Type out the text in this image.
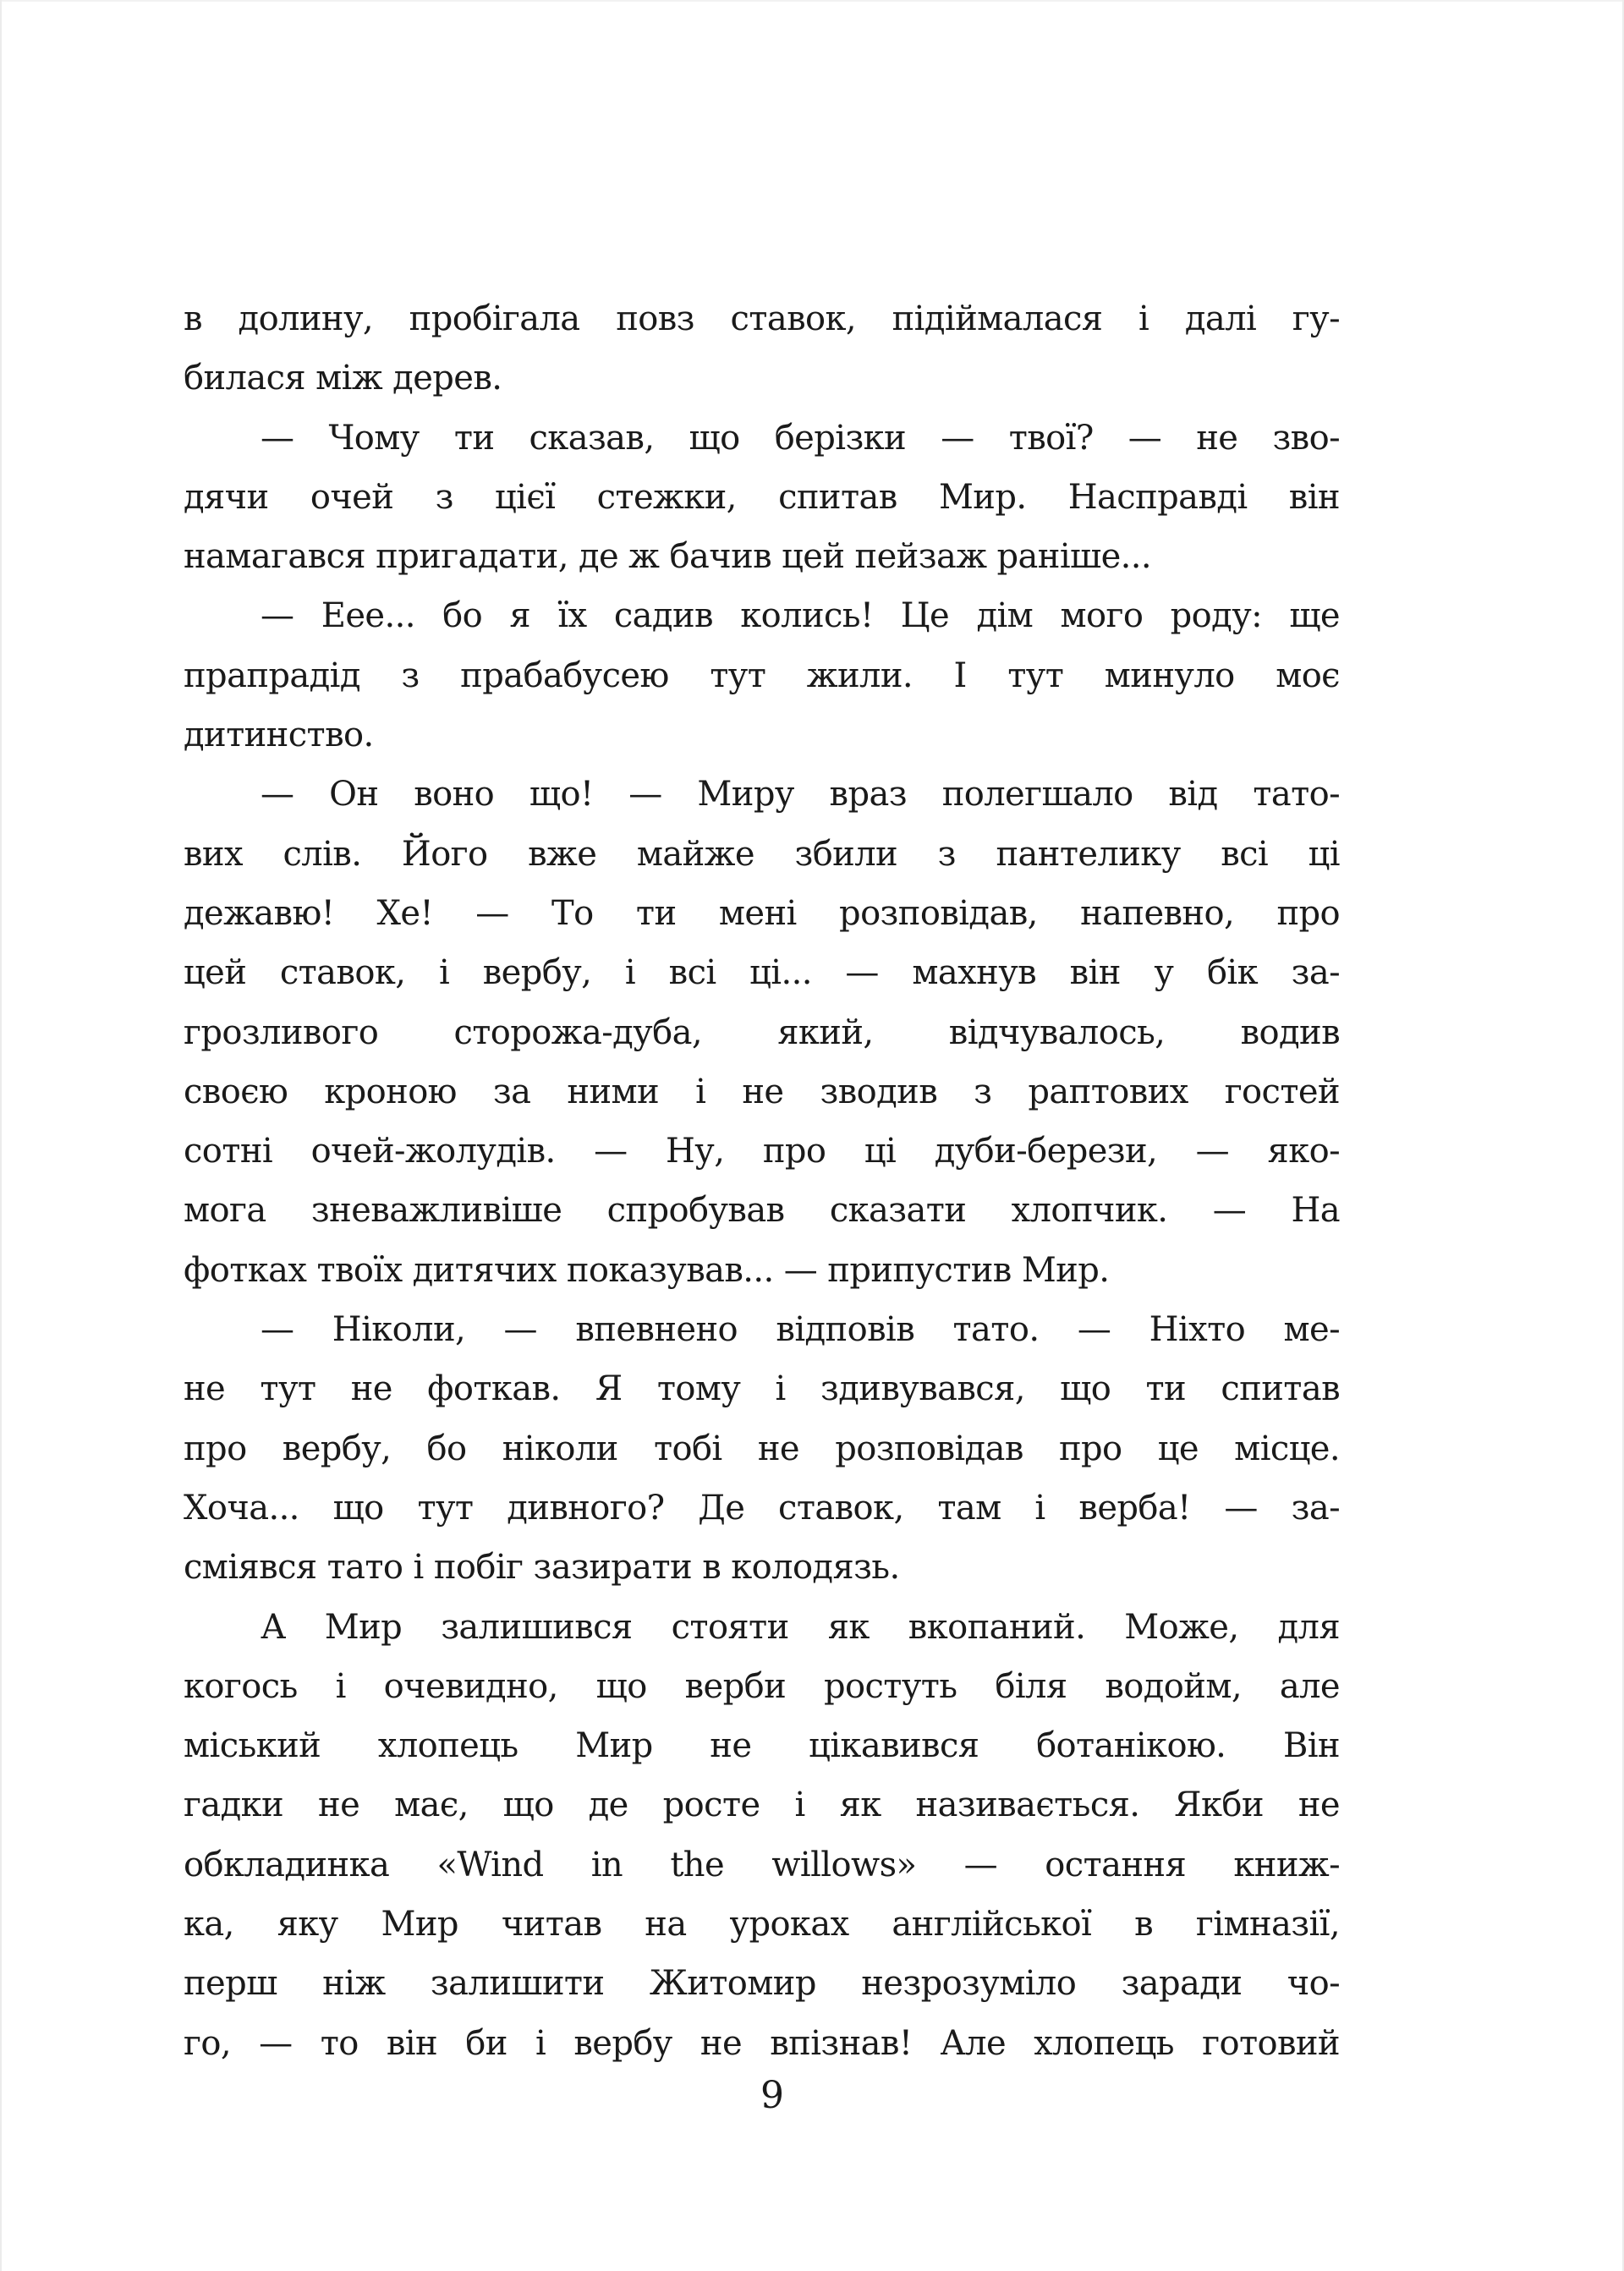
в долину, пробігала повз ставок, підіймалася і далі гу-
билася між дерев.
— Чому ти сказав, що берізки — твої? — не зво-
дячи очей з цієї стежки, спитав Мир. Насправді він
намагався пригадати, де ж бачив цей пейзаж раніше...
— Еее... бо я їх садив колись! Це дім мого роду: ще
прапрадід з прабабусею тут жили. І тут минуло моє
дитинство.
— Он воно що! — Миру враз полегшало від тато-
вих слів. Його вже майже збили з пантелику всі ці
дежавю! Хе! — То ти мені розповідав, напевно, про
цей ставок, і вербу, і всі ці... — махнув він у бік за-
грозливого сторожа-дуба, який, відчувалось, водив
своєю кроною за ними і не зводив з раптових гостей
сотні очей-жолудів. — Ну, про ці дуби-берези, — яко-
мога зневажливіше спробував сказати хлопчик. — На
фотках твоїх дитячих показував... — припустив Мир.
— Ніколи, — впевнено відповів тато. — Ніхто ме-
не тут не фоткав. Я тому і здивувався, що ти спитав
про вербу, бо ніколи тобі не розповідав про це місце.
Хоча... що тут дивного? Де ставок, там і верба! — за-
сміявся тато і побіг зазирати в колодязь.
А Мир залишився стояти як вкопаний. Може, для
когось і очевидно, що верби ростуть біля водойм, але
міський хлопець Мир не цікавився ботанікою. Він
гадки не має, що де росте і як називається. Якби не
обкладинка «Wind in the willows» — остання книж-
ка, яку Мир читав на уроках англійської в гімназії,
перш ніж залишити Житомир незрозуміло заради чо-
го, — то він би і вербу не впізнав! Але хлопець готовий
9
